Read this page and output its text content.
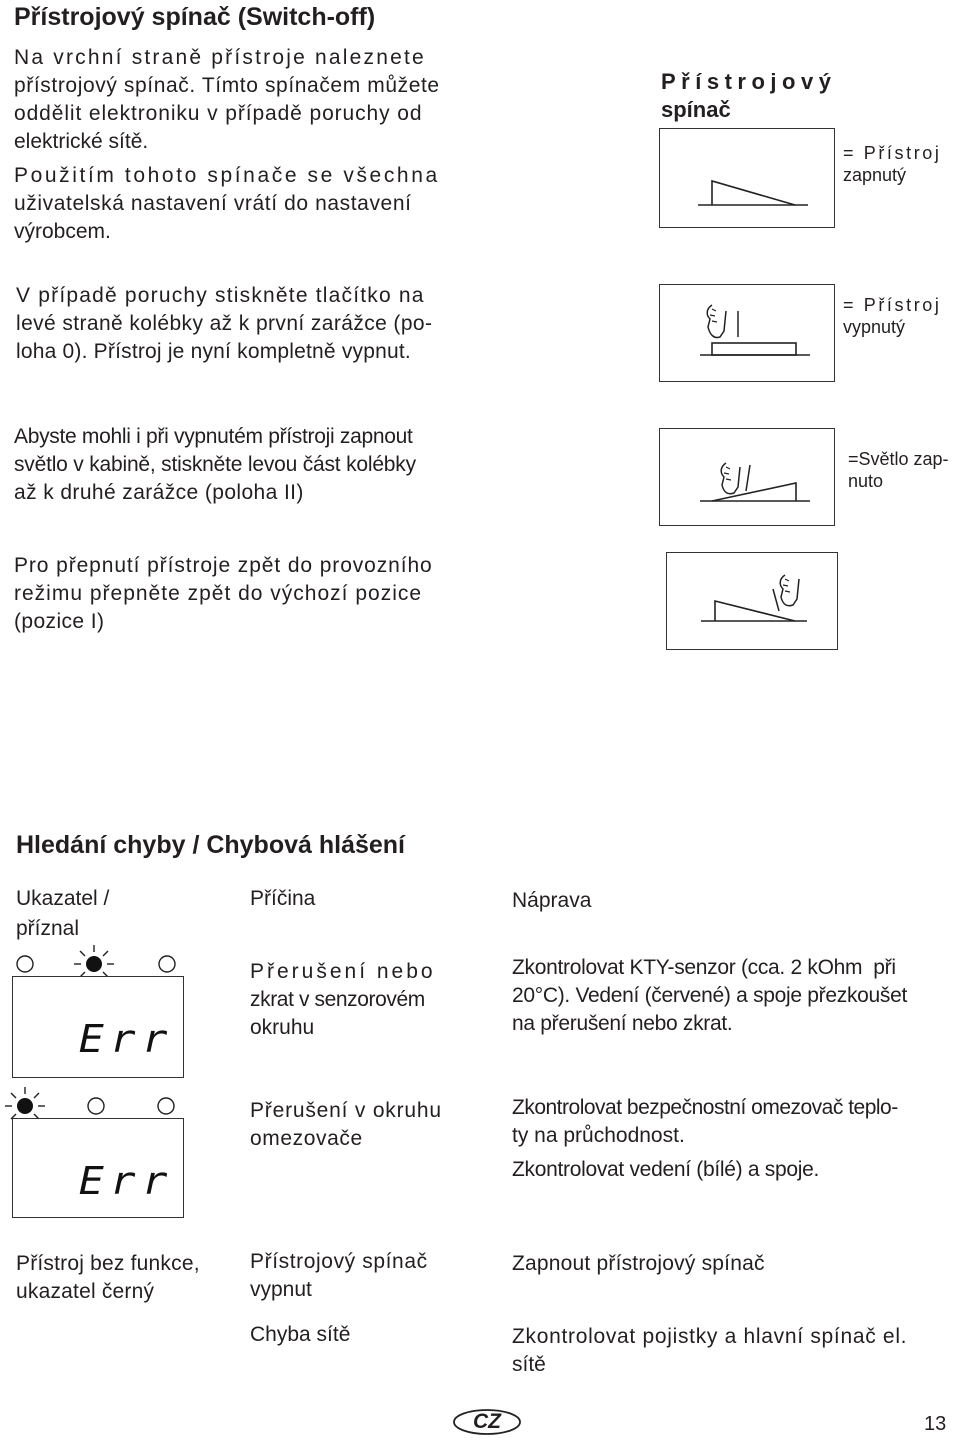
Přístrojový spínač (Switch-off)
Na vrchní straně přístroje naleznete
přístrojový spínač. Tímto spínačem můžete
oddělit elektroniku v případě poruchy od
elektrické sítě.
Použitím tohoto spínače se všechna
uživatelská nastavení vrátí do nastavení
výrobcem.
V případě poruchy stiskněte tlačítko na
levé straně kolébky až k první zarážce (po-
loha 0). Přístroj je nyní kompletně vypnut.
Abyste mohli i při vypnutém přístroji zapnout
světlo v kabině, stiskněte levou část kolébky
až k druhé zarážce (poloha II)
Pro přepnutí přístroje zpět do provozního
režimu přepněte zpět do výchozí pozice
(pozice I)
Přístrojový
spínač
= Přístroj
zapnutý
= Přístroj
vypnutý
=Světlo zap-
nuto
Hledání chyby / Chybová hlášení
Ukazatel /
příznal
Příčina	Náprava
Err
Přerušení nebo
zkrat v senzorovém
okruhu
Zkontrolovat KTY-senzor (cca. 2 kOhm  při
20°C). Vedení (červené) a spoje přezkoušet
na přerušení nebo zkrat.
Err
Přerušení v okruhu
omezovače
Zkontrolovat bezpečnostní omezovač teplo-
ty na průchodnost.
Zkontrolovat vedení (bílé) a spoje.
Přístroj bez funkce,
ukazatel černý
Přístrojový spínač
vypnut
Chyba sítě
Zapnout přístrojový spínač
Zkontrolovat pojistky a hlavní spínač el.
sítě
CZ	13
